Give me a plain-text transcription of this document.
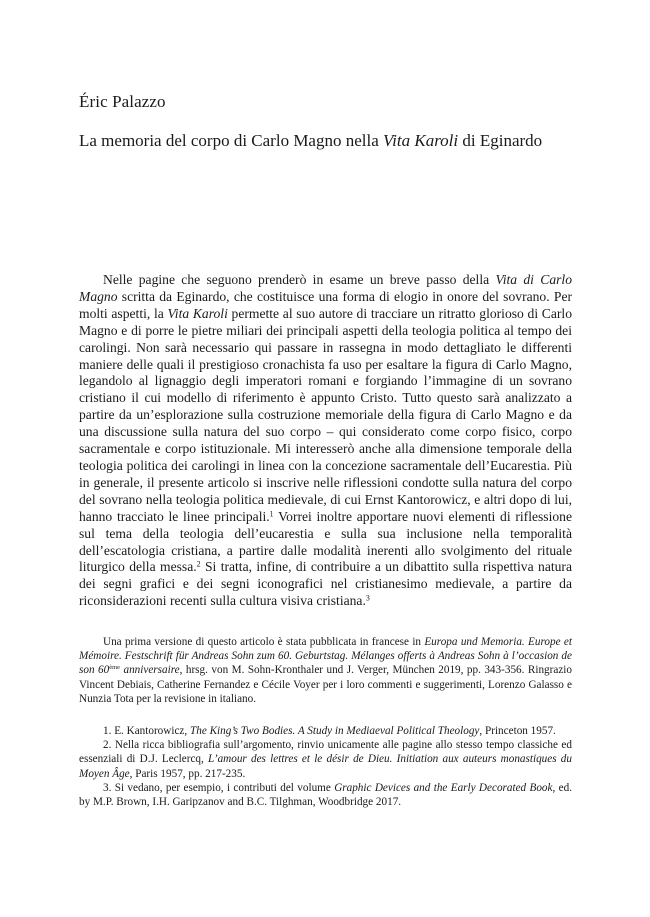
Éric Palazzo
La memoria del corpo di Carlo Magno nella Vita Karoli di Eginardo

Nelle pagine che seguono prenderò in esame un breve passo della Vita di Carlo Magno scritta da Eginardo, che costituisce una forma di elogio in onore del sovrano. Per molti aspetti, la Vita Karoli permette al suo autore di tracciare un ritratto glorioso di Carlo Magno e di porre le pietre miliari dei principali aspetti della teologia politica al tempo dei carolingi. Non sarà necessario qui passare in rassegna in modo dettagliato le differenti maniere delle quali il prestigioso cronachista fa uso per esaltare la figura di Carlo Magno, legandolo al lignaggio degli imperatori romani e forgiando l’immagine di un sovrano cristiano il cui modello di riferimento è appunto Cristo. Tutto questo sarà analizzato a partire da un’esplorazione sulla costruzione memoriale della figura di Carlo Magno e da una discussione sulla natura del suo corpo – qui considerato come corpo fisico, corpo sacramentale e corpo istituzionale. Mi interesserò anche alla dimensione temporale della teologia politica dei carolingi in linea con la concezione sacramentale dell’Eucarestia. Più in generale, il presente articolo si inscrive nelle riflessioni condotte sulla natura del corpo del sovrano nella teologia politica medievale, di cui Ernst Kantorowicz, e altri dopo di lui, hanno tracciato le linee principali.$^1$ Vorrei inoltre apportare nuovi elementi di riflessione sul tema della teologia dell’eucarestia e sulla sua inclusione nella temporalità dell’escatologia cristiana, a partire dalle modalità inerenti allo svolgimento del rituale liturgico della messa.$^2$ Si tratta, infine, di contribuire a un dibattito sulla rispettiva natura dei segni grafici e dei segni iconografici nel cristianesimo medievale, a partire da riconsiderazioni recenti sulla cultura visiva cristiana.$^3$

Una prima versione di questo articolo è stata pubblicata in francese in Europa und Memoria. Europe et Mémoire. Festschrift für Andreas Sohn zum 60. Geburtstag. Mélanges offerts à Andreas Sohn à l’occasion de son 60ème anniversaire, hrsg. von M. Sohn-Kronthaler und J. Verger, München 2019, pp. 343-356. Ringrazio Vincent Debiais, Catherine Fernandez e Cécile Voyer per i loro commenti e suggerimenti, Lorenzo Galasso e Nunzia Tota per la revisione in italiano.

1. E. Kantorowicz, The King’s Two Bodies. A Study in Mediaeval Political Theology, Princeton 1957.

2. Nella ricca bibliografia sull’argomento, rinvio unicamente alle pagine allo stesso tempo classiche ed essenziali di D.J. Leclercq, L’amour des lettres et le désir de Dieu. Initiation aux auteurs monastiques du Moyen Âge, Paris 1957, pp. 217-235.

3. Si vedano, per esempio, i contributi del volume Graphic Devices and the Early Decorated Book, ed. by M.P. Brown, I.H. Garipzanov and B.C. Tilghman, Woodbridge 2017.
